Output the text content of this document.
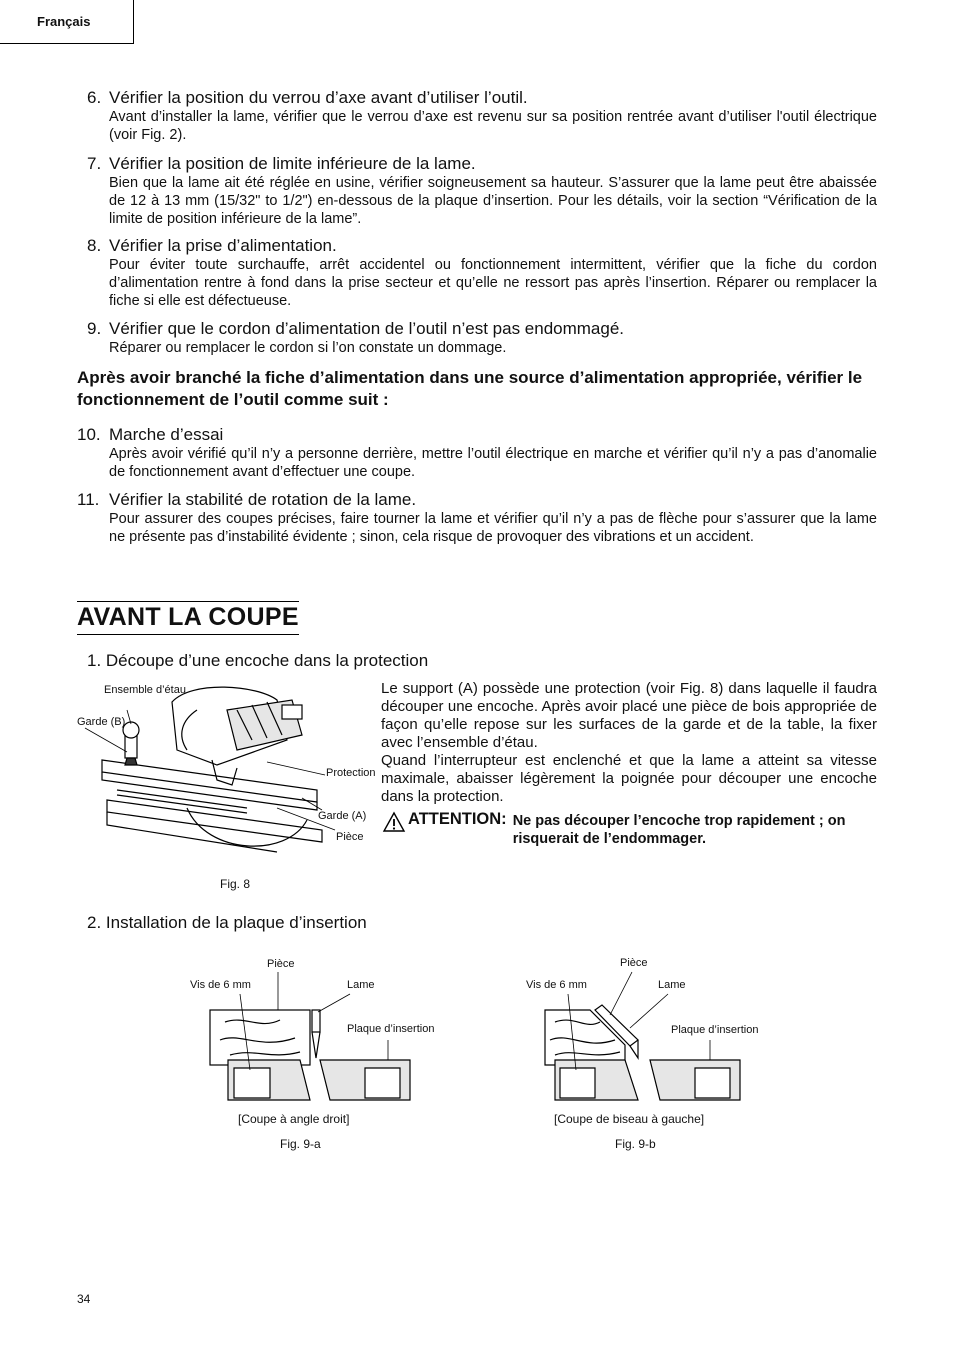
Français
6. Vérifier la position du verrou d’axe avant d’utiliser l’outil.
Avant d’installer la lame, vérifier que le verrou d’axe est revenu sur sa position rentrée avant d’utiliser l'outil électrique (voir Fig. 2).
7. Vérifier la position de limite inférieure de la lame.
Bien que la lame ait été réglée en usine, vérifier soigneusement sa hauteur. S’assurer que la lame peut être abaissée de 12 à 13 mm (15/32" to 1/2") en-dessous de la plaque d’insertion. Pour les détails, voir la section “Vérification de la limite de position inférieure de la lame”.
8. Vérifier la prise d’alimentation.
Pour éviter toute surchauffe, arrêt accidentel ou fonctionnement intermittent, vérifier que la fiche du cordon d’alimentation rentre à fond dans la prise secteur et qu’elle ne ressort pas après l’insertion. Réparer ou remplacer la fiche si elle est défectueuse.
9. Vérifier que le cordon d’alimentation de l’outil n’est pas endommagé.
Réparer ou remplacer le cordon si l’on constate un dommage.
Après avoir branché la fiche d’alimentation dans une source d’alimentation appropriée, vérifier le fonctionnement de l’outil comme suit :
10. Marche d’essai
Après avoir vérifié qu’il n’y a personne derrière, mettre l’outil électrique en marche et vérifier qu’il n’y a pas d’anomalie de fonctionnement avant d’effectuer une coupe.
11. Vérifier la stabilité de rotation de la lame.
Pour assurer des coupes précises, faire tourner la lame et vérifier qu’il n’y a pas de flèche pour s’assurer que la lame ne présente pas d’instabilité évidente ; sinon, cela risque de provoquer des vibrations et un accident.
AVANT LA COUPE
1. Découpe d’une encoche dans la protection
Ensemble d’étau
Garde (B)
Protection
Garde (A)
Pièce
Fig. 8
Le support (A) possède une protection (voir Fig. 8) dans laquelle il faudra découper une encoche. Après avoir placé une pièce de bois appropriée de façon qu’elle repose sur les surfaces de la garde et de la table, la fixer avec l’ensemble d’étau.
Quand l’interrupteur est enclenché et que la lame a atteint sa vitesse maximale, abaisser légèrement la poignée pour découper une encoche dans la protection.
ATTENTION: Ne pas découper l’encoche trop rapidement ; on risquerait de l’endommager.
2. Installation de la plaque d’insertion
Pièce
Vis de 6 mm	Lame
Plaque d’insertion
[Coupe à angle droit]
Fig. 9-a
Pièce
Vis de 6 mm	Lame
Plaque d’insertion
[Coupe de biseau à gauche]
Fig. 9-b
34
